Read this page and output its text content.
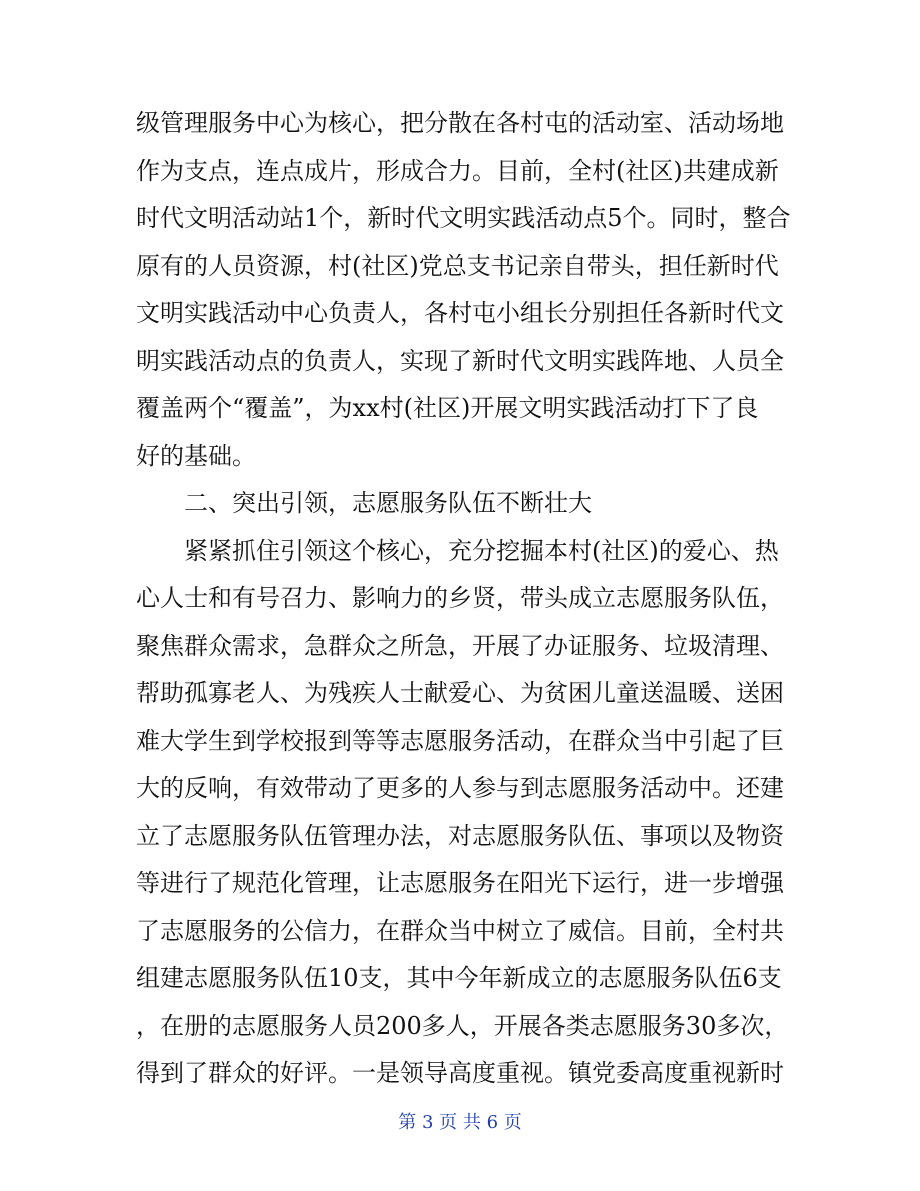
级管理服务中心为核心，把分散在各村屯的活动室、活动场地
作为支点，连点成片，形成合力。目前，全村(社区)共建成新
时代文明活动站1个，新时代文明实践活动点5个。同时，整合
原有的人员资源，村(社区)党总支书记亲自带头，担任新时代
文明实践活动中心负责人，各村屯小组长分别担任各新时代文
明实践活动点的负责人，实现了新时代文明实践阵地、人员全
覆盖两个“覆盖”，为xx村(社区)开展文明实践活动打下了良
好的基础。
二、突出引领，志愿服务队伍不断壮大
紧紧抓住引领这个核心，充分挖掘本村(社区)的爱心、热
心人士和有号召力、影响力的乡贤，带头成立志愿服务队伍，
聚焦群众需求，急群众之所急，开展了办证服务、垃圾清理、
帮助孤寡老人、为残疾人士献爱心、为贫困儿童送温暖、送困
难大学生到学校报到等等志愿服务活动，在群众当中引起了巨
大的反响，有效带动了更多的人参与到志愿服务活动中。还建
立了志愿服务队伍管理办法，对志愿服务队伍、事项以及物资
等进行了规范化管理，让志愿服务在阳光下运行，进一步增强
了志愿服务的公信力，在群众当中树立了威信。目前，全村共
组建志愿服务队伍10支，其中今年新成立的志愿服务队伍6支
，在册的志愿服务人员200多人，开展各类志愿服务30多次，
得到了群众的好评。一是领导高度重视。镇党委高度重视新时
第 3 页 共 6 页
